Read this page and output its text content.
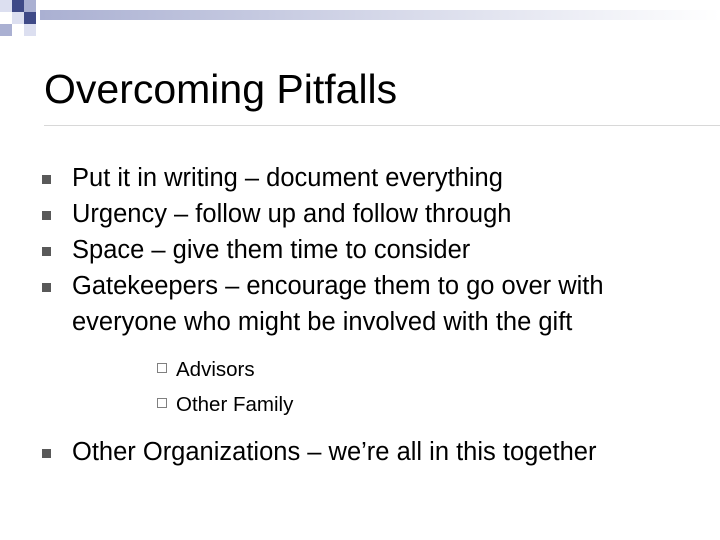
Overcoming Pitfalls
Put it in writing – document everything
Urgency – follow up and follow through
Space – give them time to consider
Gatekeepers – encourage them to go over with
everyone who might be involved with the gift
Advisors
Other Family
Other Organizations – we’re all in this together
